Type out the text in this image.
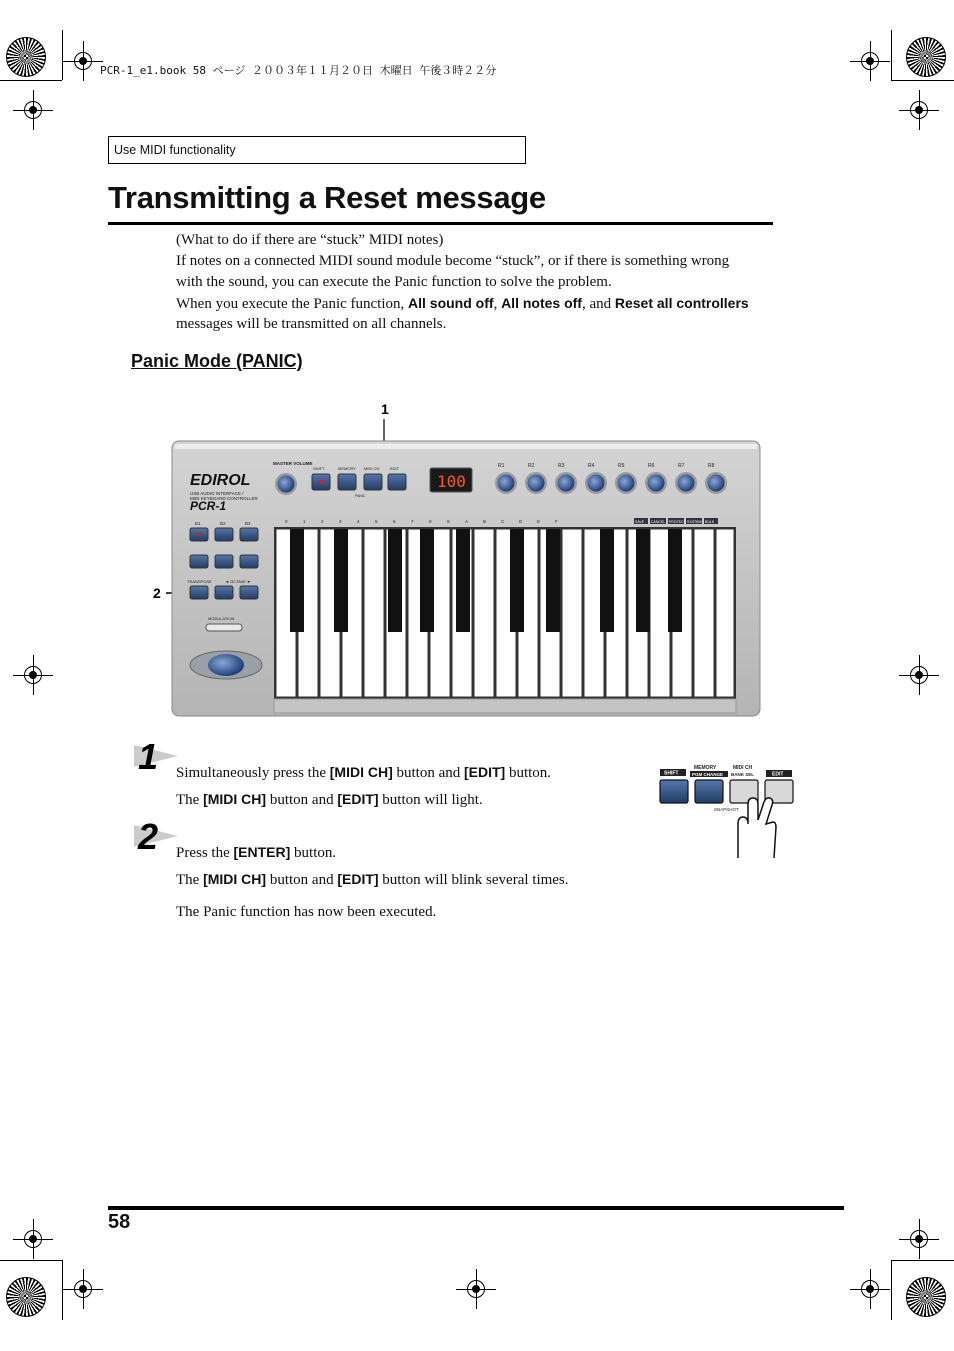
PCR-1_e1.book 58 ページ ２００３年１１月２０日 木曜日 午後３時２２分
Use MIDI functionality
Transmitting a Reset message
(What to do if there are “stuck” MIDI notes)
If notes on a connected MIDI sound module become “stuck”, or if there is something wrong
with the sound, you can execute the Panic function to solve the problem.
When you execute the Panic function, All sound off, All notes off, and Reset all controllers
messages will be transmitted on all channels.
Panic Mode (PANIC)
1
2
EDIROL
USB AUDIO INTERFACE /
MIDI KEYBOARD CONTROLLER
PCR-1
MASTER VOLUME
SHIFT	MEMORY MIDI CH	EDIT
PANIC
100
R1	R2	R3	R4	R5	R6	R7	R8
0	1	2	3	4	5	6	7	8	9	A	B	C	D	E	F	SAVE CANCEL PROTECT SYSTEM BULK
B1	B2	B3
TRANSPOSE	◄ OCTAVE ►
MODULATION
1 Simultaneously press the [MIDI CH] button and [EDIT] button.
The [MIDI CH] button and [EDIT] button will light.
SHIFT
MEMORY
PGM CHANGE
MIDI CH
BANK SEL	EDIT
SNAPSHOT
2 Press the [ENTER] button.
The [MIDI CH] button and [EDIT] button will blink several times.
The Panic function has now been executed.
58
